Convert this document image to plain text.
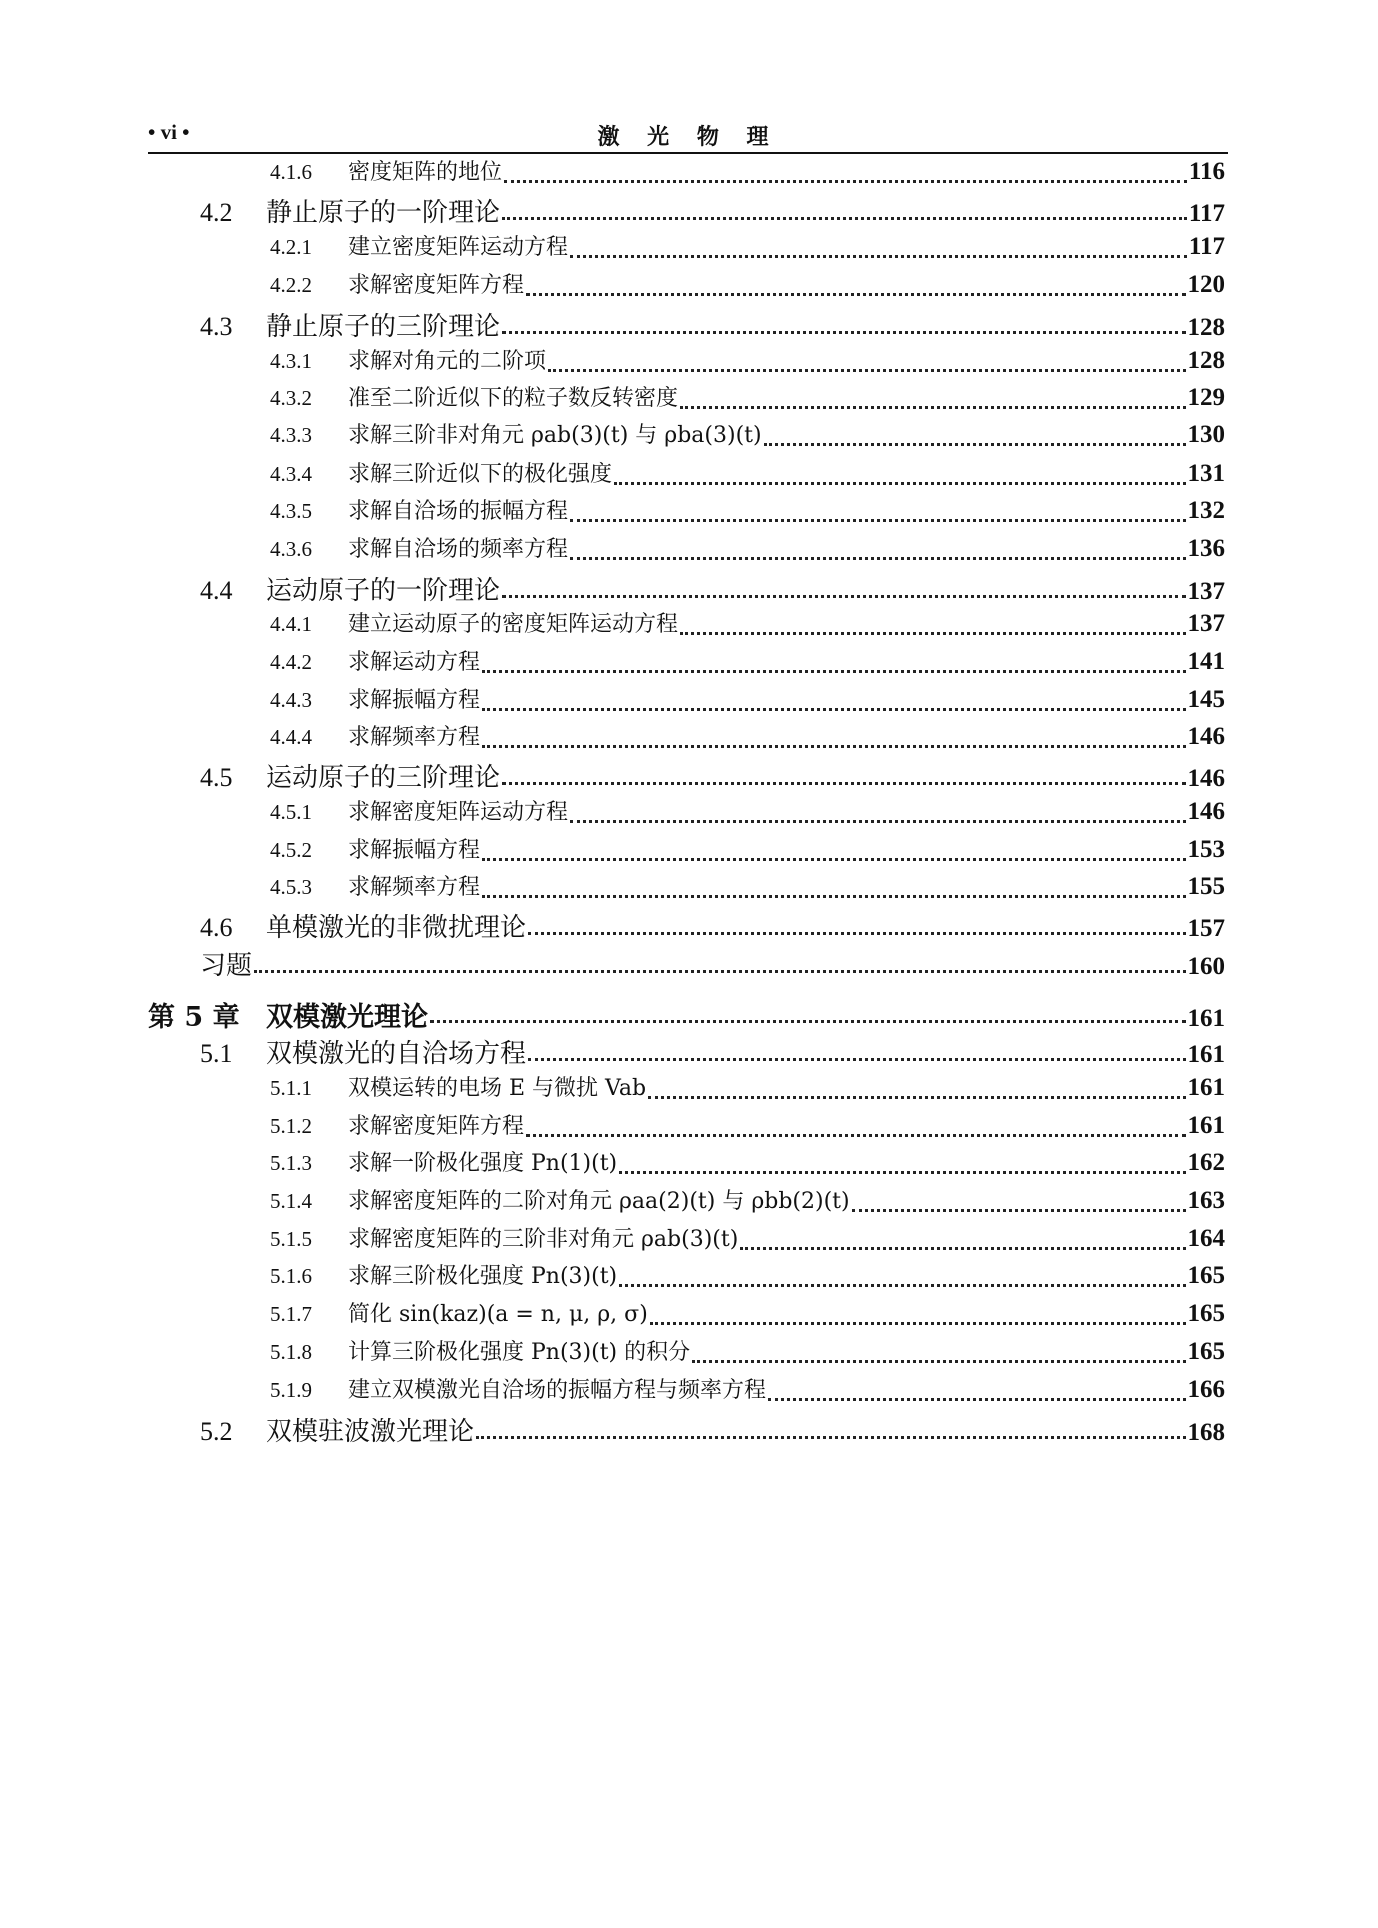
• vi •	激 光 物 理
4.1.6	密度矩阵的地位	116
4.2	静止原子的一阶理论	117
4.2.1	建立密度矩阵运动方程	117
4.2.2	求解密度矩阵方程	120
4.3	静止原子的三阶理论	128
4.3.1	求解对角元的二阶项	128
4.3.2	准至二阶近似下的粒子数反转密度	129
4.3.3	求解三阶非对角元 ρab(3)(t) 与 ρba(3)(t)	130
4.3.4	求解三阶近似下的极化强度	131
4.3.5	求解自洽场的振幅方程	132
4.3.6	求解自洽场的频率方程	136
4.4	运动原子的一阶理论	137
4.4.1	建立运动原子的密度矩阵运动方程	137
4.4.2	求解运动方程	141
4.4.3	求解振幅方程	145
4.4.4	求解频率方程	146
4.5	运动原子的三阶理论	146
4.5.1	求解密度矩阵运动方程	146
4.5.2	求解振幅方程	153
4.5.3	求解频率方程	155
4.6	单模激光的非微扰理论	157
习题	160
第 5 章 双模激光理论	161
5.1	双模激光的自洽场方程	161
5.1.1	双模运转的电场 E 与微扰 Vab	161
5.1.2	求解密度矩阵方程	161
5.1.3	求解一阶极化强度 Pn(1)(t)	162
5.1.4	求解密度矩阵的二阶对角元 ρaa(2)(t) 与 ρbb(2)(t)	163
5.1.5	求解密度矩阵的三阶非对角元 ρab(3)(t)	164
5.1.6	求解三阶极化强度 Pn(3)(t)	165
5.1.7	简化 sin(kaz)(a = n, μ, ρ, σ)	165
5.1.8	计算三阶极化强度 Pn(3)(t) 的积分	165
5.1.9	建立双模激光自洽场的振幅方程与频率方程	166
5.2	双模驻波激光理论	168
